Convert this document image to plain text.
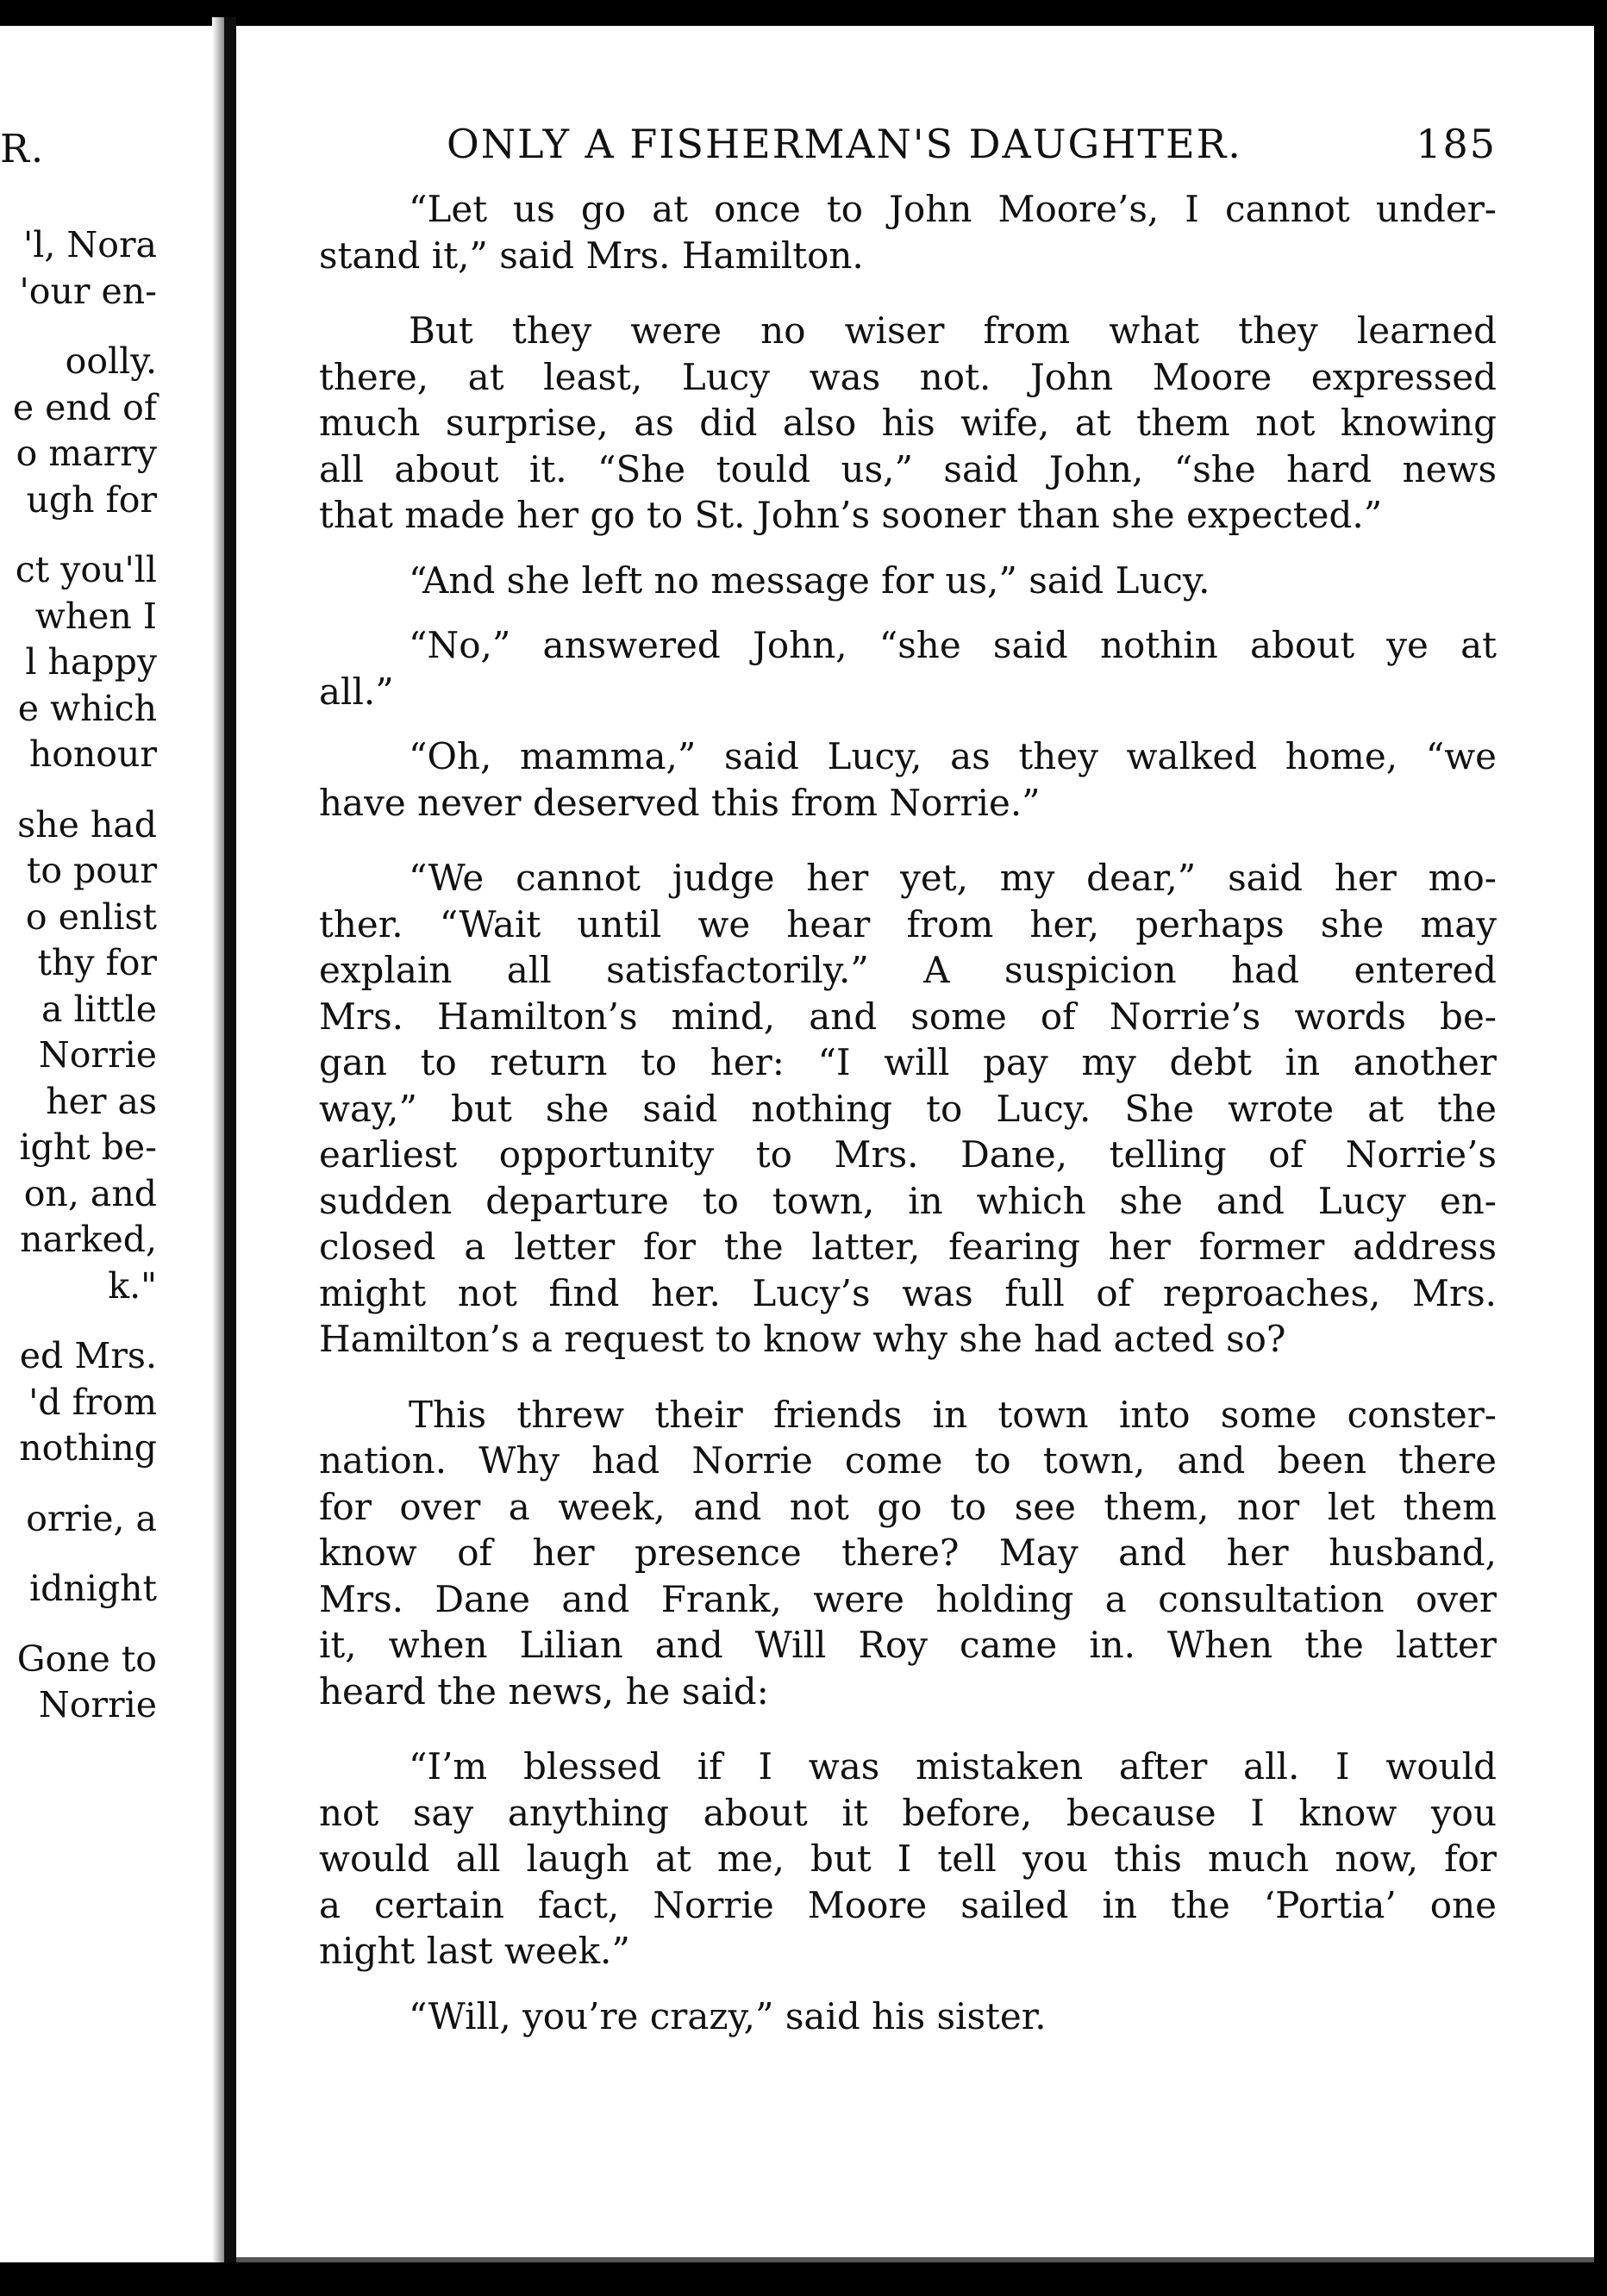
R.
'l, Nora
'our en-
oolly.
e end of
o marry
ugh for
ct you'll
when I
l happy
e which
honour
she had
to pour
o enlist
thy for
a little
Norrie
her as
ight be-
on, and
narked,
k."
ed Mrs.
'd from
nothing
orrie, a
idnight
Gone to
Norrie
ONLY A FISHERMAN'S DAUGHTER.	185
“Let us go at once to John Moore’s, I cannot under-
stand it,” said Mrs. Hamilton.
But they were no wiser from what they learned
there, at least, Lucy was not. John Moore expressed
much surprise, as did also his wife, at them not knowing
all about it. “She tould us,” said John, “she hard news
that made her go to St. John’s sooner than she expected.”
“And she left no message for us,” said Lucy.
“No,” answered John, “she said nothin about ye at
all.”
“Oh, mamma,” said Lucy, as they walked home, “we
have never deserved this from Norrie.”
“We cannot judge her yet, my dear,” said her mo-
ther. “Wait until we hear from her, perhaps she may
explain all satisfactorily.” A suspicion had entered
Mrs. Hamilton’s mind, and some of Norrie’s words be-
gan to return to her: “I will pay my debt in another
way,” but she said nothing to Lucy. She wrote at the
earliest opportunity to Mrs. Dane, telling of Norrie’s
sudden departure to town, in which she and Lucy en-
closed a letter for the latter, fearing her former address
might not find her. Lucy’s was full of reproaches, Mrs.
Hamilton’s a request to know why she had acted so?
This threw their friends in town into some conster-
nation. Why had Norrie come to town, and been there
for over a week, and not go to see them, nor let them
know of her presence there? May and her husband,
Mrs. Dane and Frank, were holding a consultation over
it, when Lilian and Will Roy came in. When the latter
heard the news, he said:
“I’m blessed if I was mistaken after all. I would
not say anything about it before, because I know you
would all laugh at me, but I tell you this much now, for
a certain fact, Norrie Moore sailed in the ‘Portia’ one
night last week.”
“Will, you’re crazy,” said his sister.
